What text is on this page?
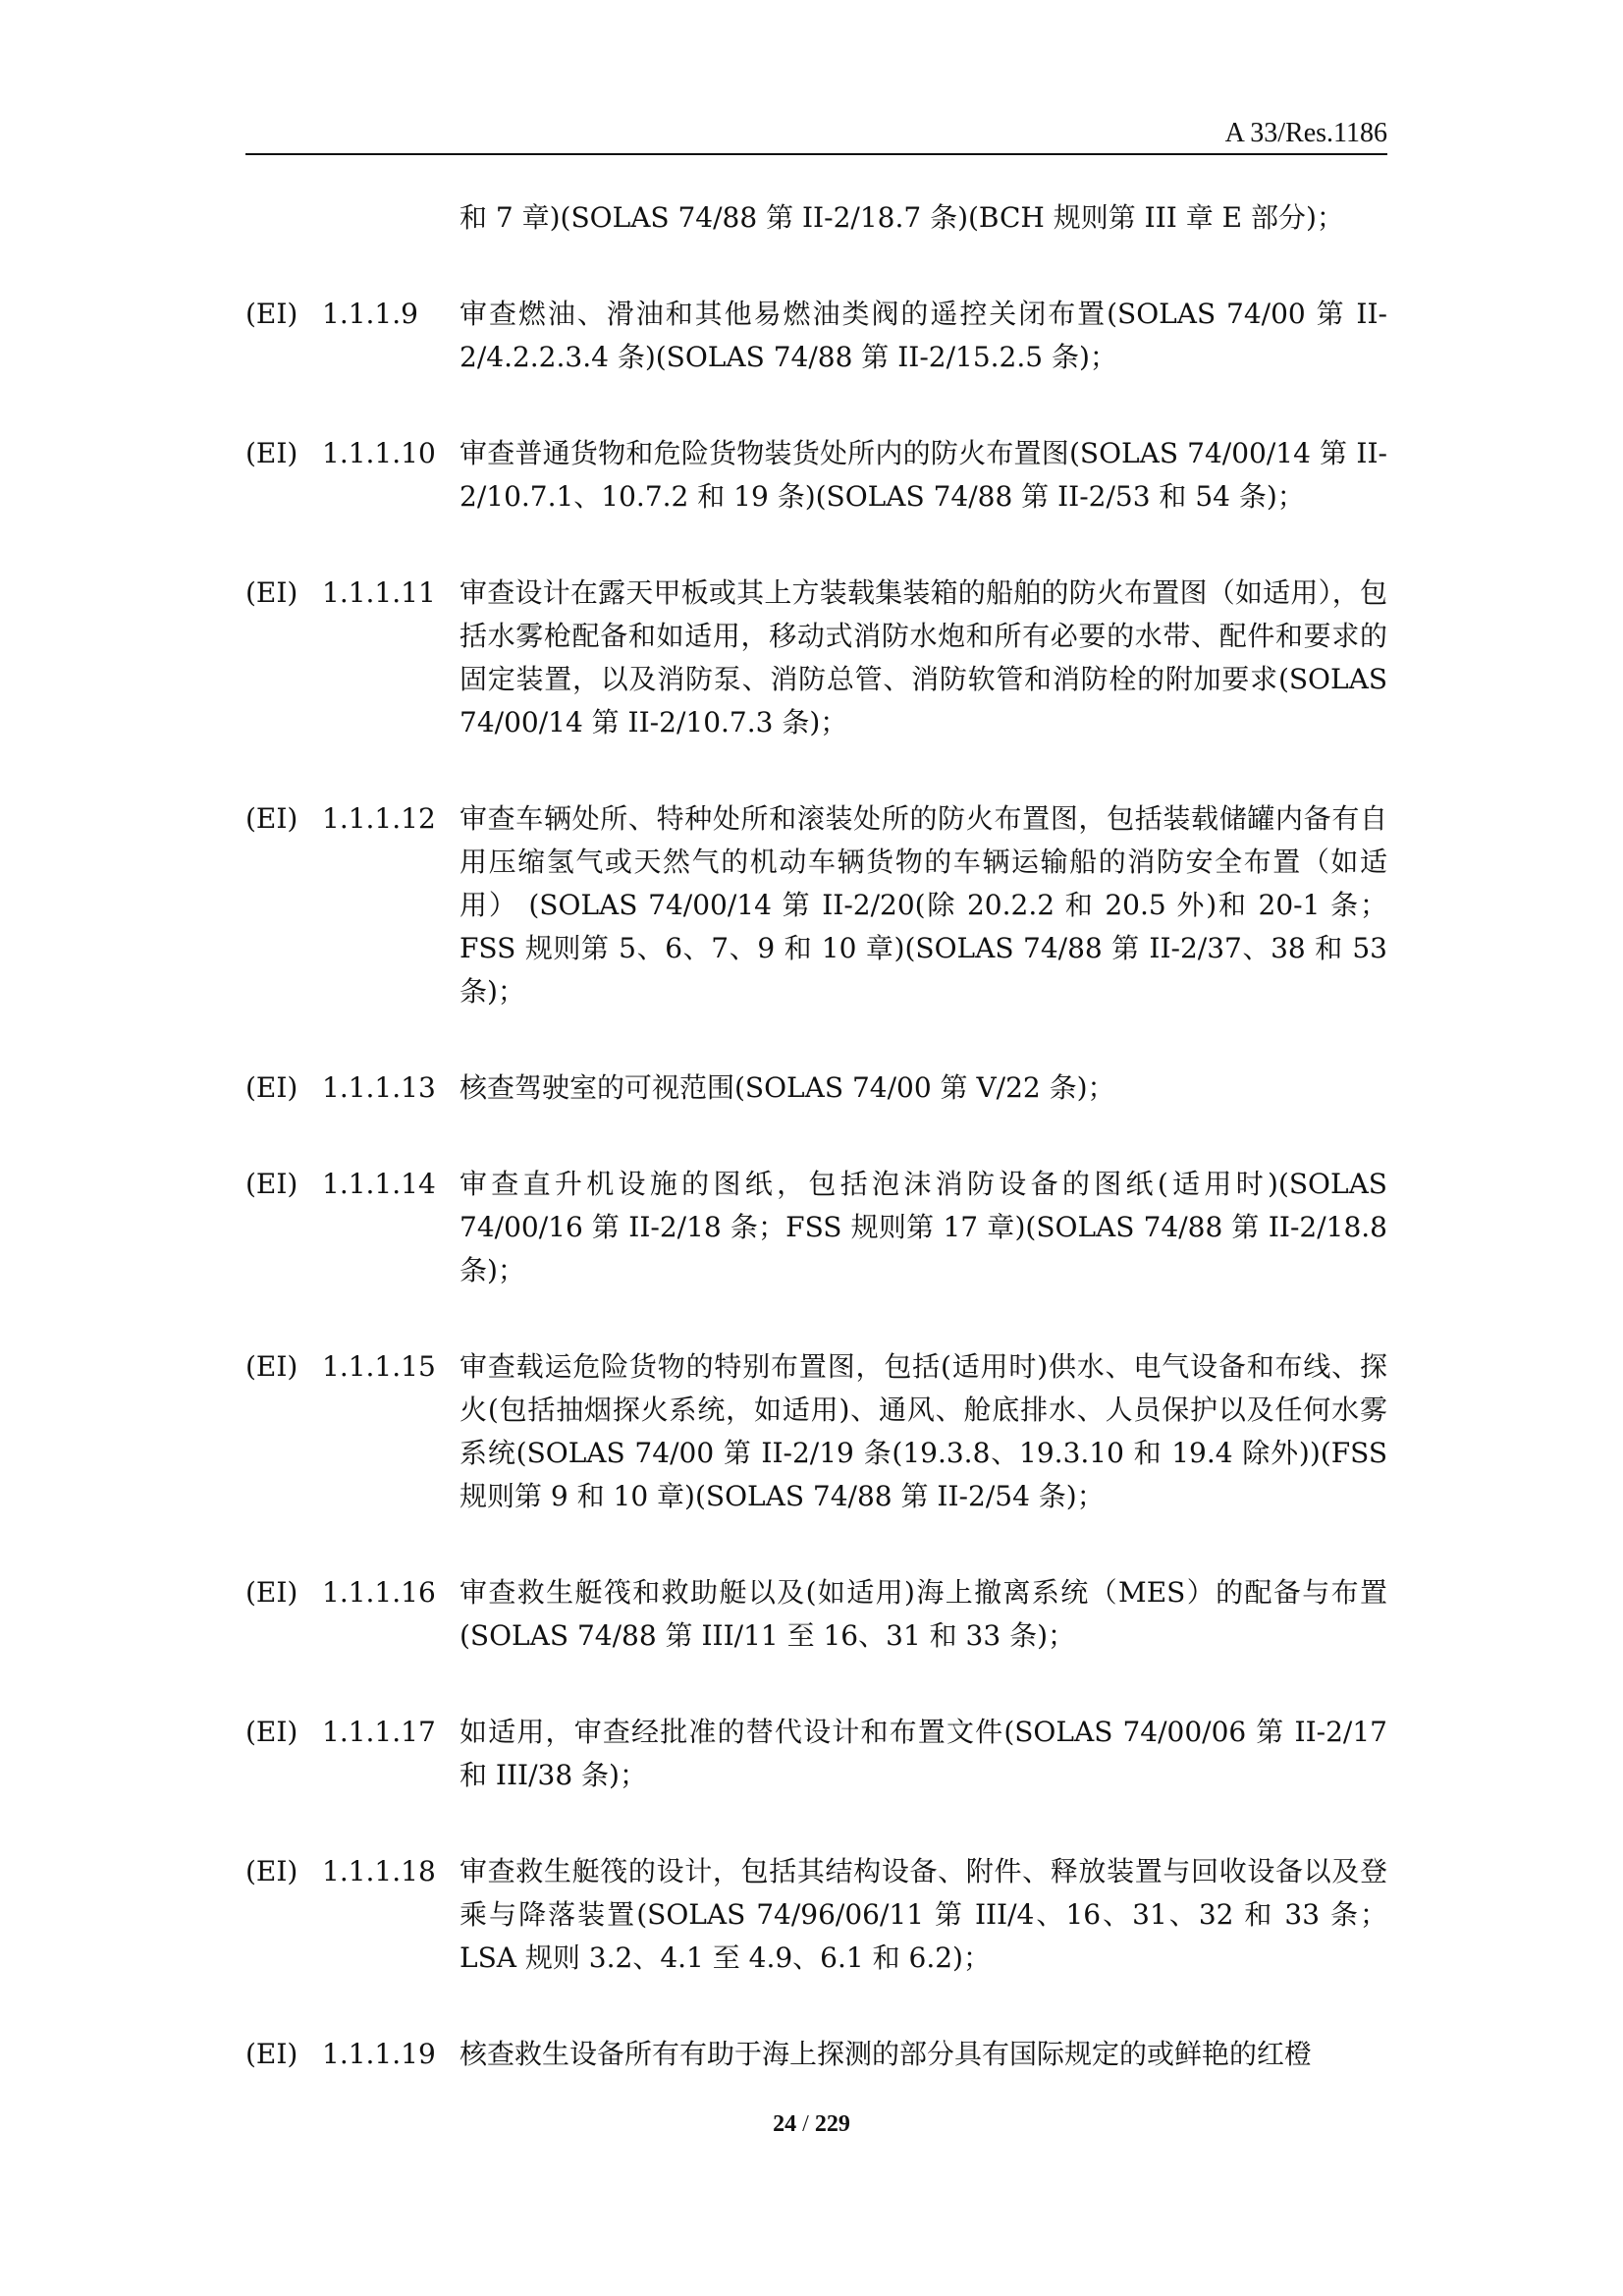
A 33/Res.1186
和 7 章)(SOLAS 74/88 第 II-2/18.7 条)(BCH 规则第 III 章 E 部分)；
(EI) 1.1.1.9	审查燃油、滑油和其他易燃油类阀的遥控关闭布置(SOLAS 74/00 第 II-2/4.2.2.3.4 条)(SOLAS 74/88 第 II-2/15.2.5 条)；
(EI) 1.1.1.10 审查普通货物和危险货物装货处所内的防火布置图(SOLAS 74/00/14 第 II-2/10.7.1、10.7.2 和 19 条)(SOLAS 74/88 第 II-2/53 和 54 条)；
(EI) 1.1.1.11 审查设计在露天甲板或其上方装载集装箱的船舶的防火布置图（如适用），包括水雾枪配备和如适用，移动式消防水炮和所有必要的水带、配件和要求的固定装置，以及消防泵、消防总管、消防软管和消防栓的附加要求(SOLAS 74/00/14 第 II-2/10.7.3 条)；
(EI) 1.1.1.12 审查车辆处所、特种处所和滚装处所的防火布置图，包括装载储罐内备有自用压缩氢气或天然气的机动车辆货物的车辆运输船的消防安全布置（如适用） (SOLAS 74/00/14 第 II-2/20(除 20.2.2 和 20.5 外)和 20-1 条；FSS 规则第 5、6、7、9 和 10 章)(SOLAS 74/88 第 II-2/37、38 和 53 条)；
(EI) 1.1.1.13 核查驾驶室的可视范围(SOLAS 74/00 第 V/22 条)；
(EI) 1.1.1.14 审查直升机设施的图纸，包括泡沫消防设备的图纸(适用时)(SOLAS 74/00/16 第 II-2/18 条；FSS 规则第 17 章)(SOLAS 74/88 第 II-2/18.8 条)；
(EI) 1.1.1.15 审查载运危险货物的特别布置图，包括(适用时)供水、电气设备和布线、探火(包括抽烟探火系统，如适用)、通风、舱底排水、人员保护以及任何水雾系统(SOLAS 74/00 第 II-2/19 条(19.3.8、19.3.10 和 19.4 除外))(FSS 规则第 9 和 10 章)(SOLAS 74/88 第 II-2/54 条)；
(EI) 1.1.1.16 审查救生艇筏和救助艇以及(如适用)海上撤离系统（MES）的配备与布置(SOLAS 74/88 第 III/11 至 16、31 和 33 条)；
(EI) 1.1.1.17 如适用，审查经批准的替代设计和布置文件(SOLAS 74/00/06 第 II-2/17 和 III/38 条)；
(EI) 1.1.1.18 审查救生艇筏的设计，包括其结构设备、附件、释放装置与回收设备以及登乘与降落装置(SOLAS 74/96/06/11 第 III/4、16、31、32 和 33 条；LSA 规则 3.2、4.1 至 4.9、6.1 和 6.2)；
(EI) 1.1.1.19 核查救生设备所有有助于海上探测的部分具有国际规定的或鲜艳的红橙
24 / 229
